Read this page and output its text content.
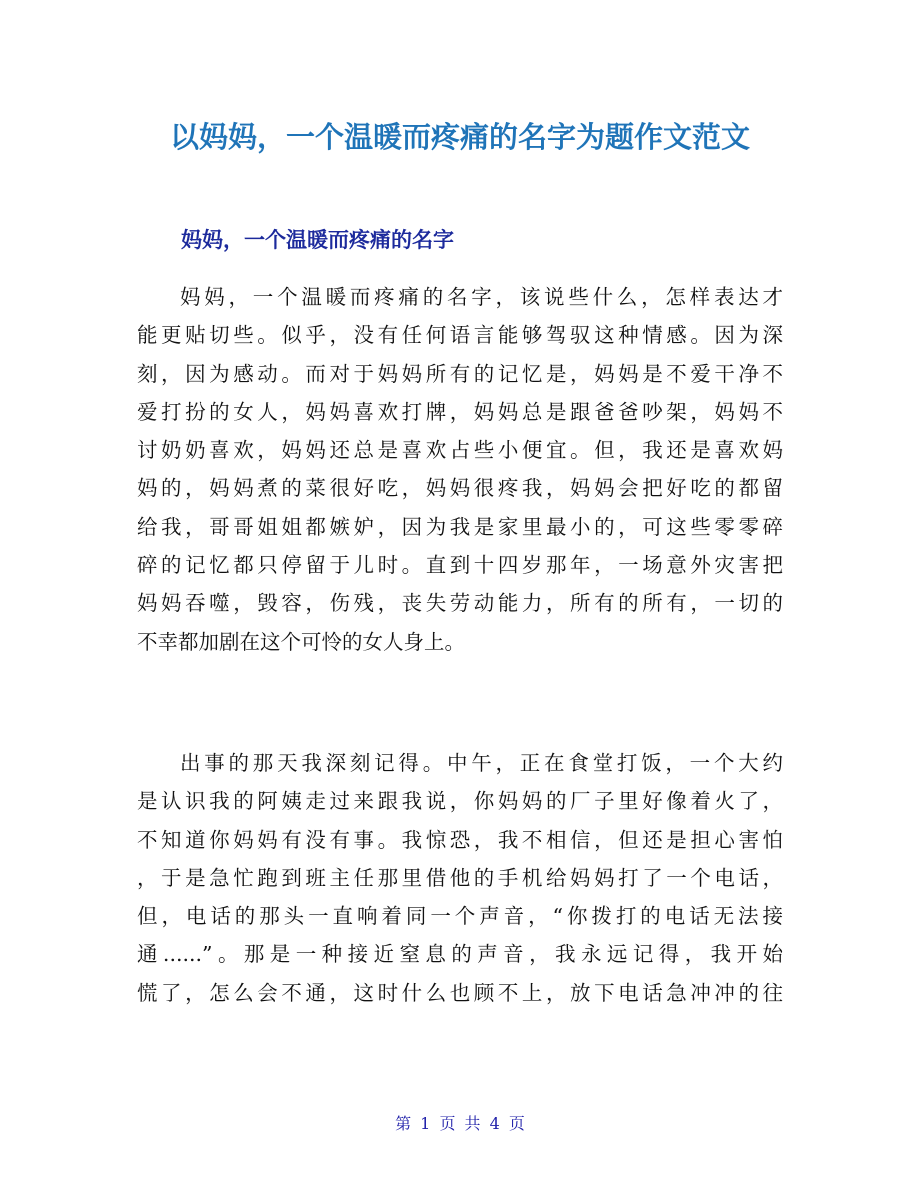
以妈妈，一个温暖而疼痛的名字为题作文范文
妈妈，一个温暖而疼痛的名字
妈妈，一个温暖而疼痛的名字，该说些什么，怎样表达才
能更贴切些。似乎，没有任何语言能够驾驭这种情感。因为深
刻，因为感动。而对于妈妈所有的记忆是，妈妈是不爱干净不
爱打扮的女人，妈妈喜欢打牌，妈妈总是跟爸爸吵架，妈妈不
讨奶奶喜欢，妈妈还总是喜欢占些小便宜。但，我还是喜欢妈
妈的，妈妈煮的菜很好吃，妈妈很疼我，妈妈会把好吃的都留
给我，哥哥姐姐都嫉妒，因为我是家里最小的，可这些零零碎
碎的记忆都只停留于儿时。直到十四岁那年，一场意外灾害把
妈妈吞噬，毁容，伤残，丧失劳动能力，所有的所有，一切的
不幸都加剧在这个可怜的女人身上。
出事的那天我深刻记得。中午，正在食堂打饭，一个大约
是认识我的阿姨走过来跟我说，你妈妈的厂子里好像着火了，
不知道你妈妈有没有事。我惊恐，我不相信，但还是担心害怕
，于是急忙跑到班主任那里借他的手机给妈妈打了一个电话，
但，电话的那头一直响着同一个声音，“你拨打的电话无法接
通......”。那是一种接近窒息的声音，我永远记得，我开始
慌了，怎么会不通，这时什么也顾不上，放下电话急冲冲的往
第 1 页 共 4 页
